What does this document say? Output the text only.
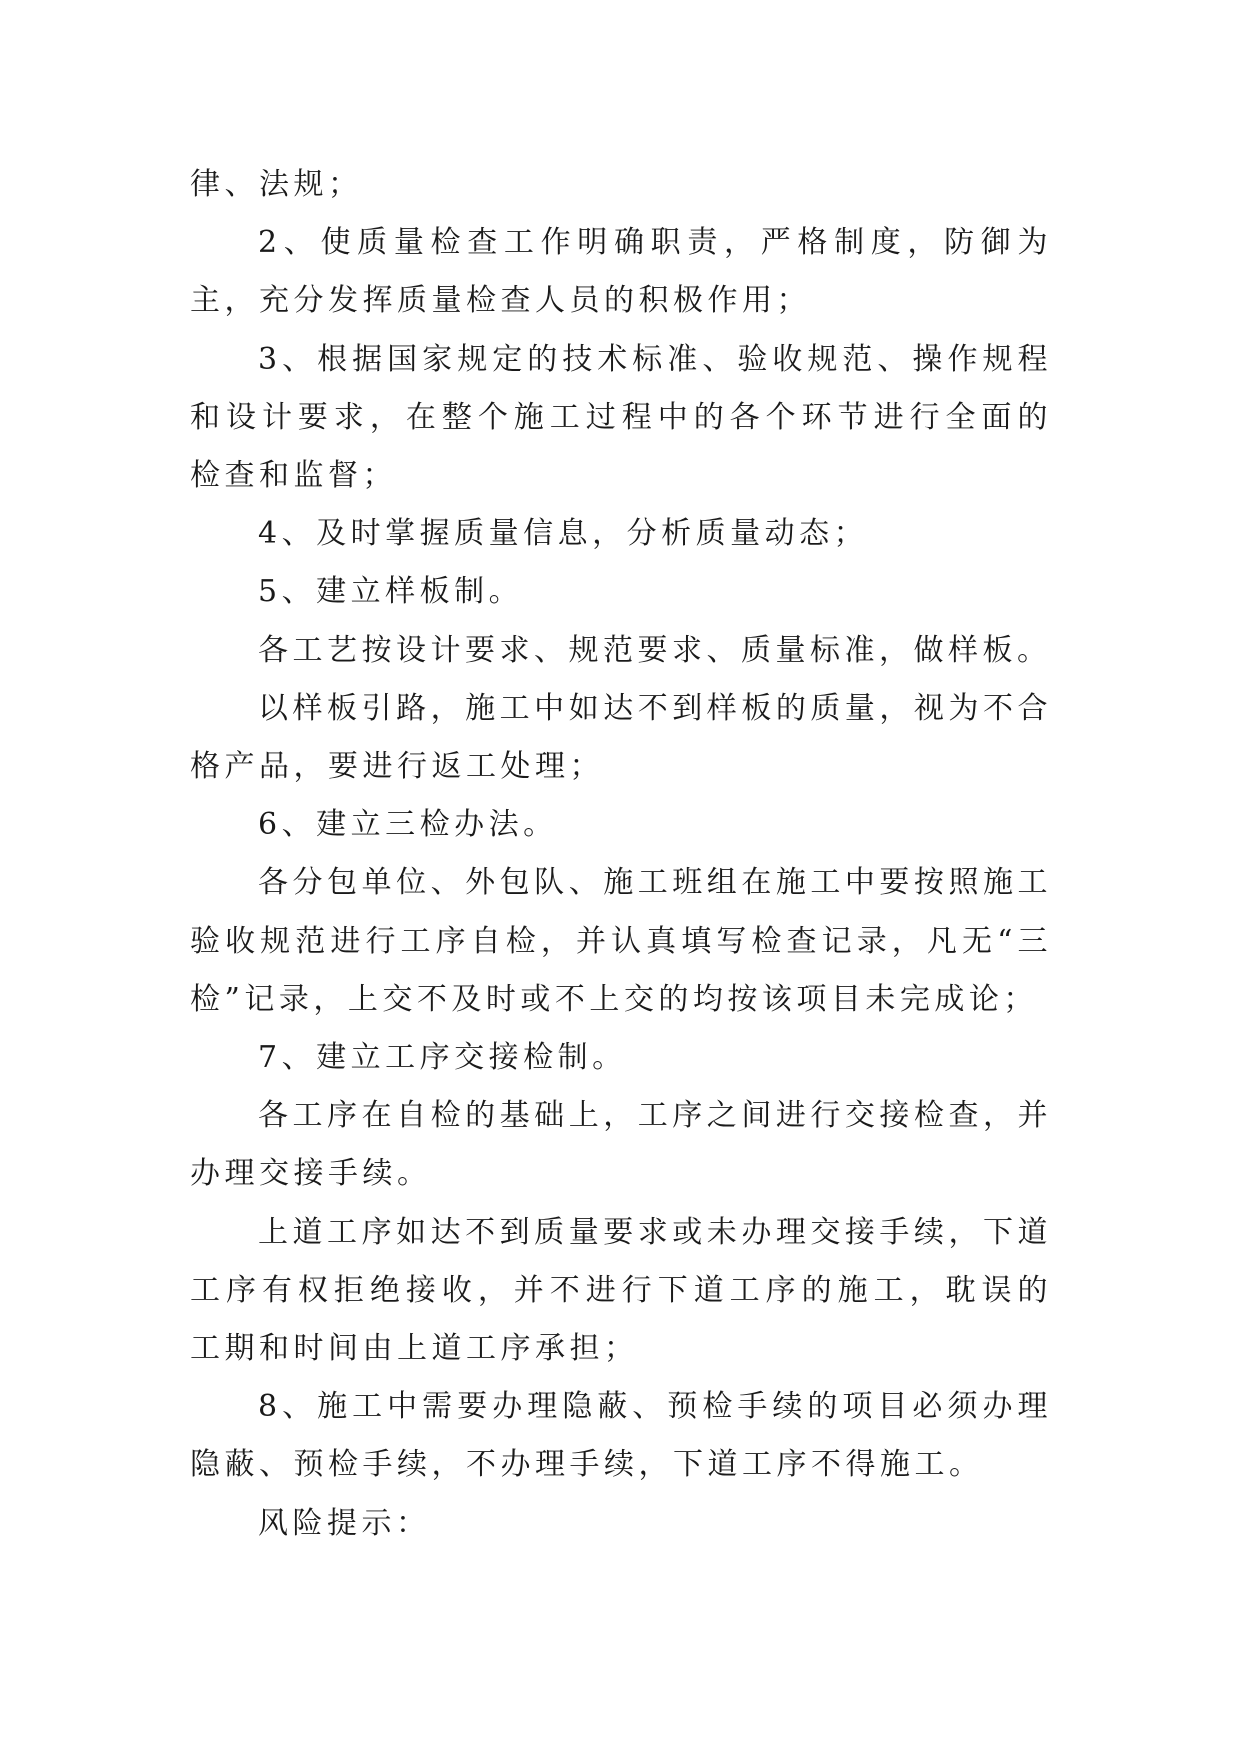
律、法规；

2、使质量检查工作明确职责，严格制度，防御为主，充分发挥质量检查人员的积极作用；

3、根据国家规定的技术标准、验收规范、操作规程和设计要求，在整个施工过程中的各个环节进行全面的检查和监督；

4、及时掌握质量信息，分析质量动态；

5、建立样板制。

各工艺按设计要求、规范要求、质量标准，做样板。

以样板引路，施工中如达不到样板的质量，视为不合格产品，要进行返工处理；

6、建立三检办法。

各分包单位、外包队、施工班组在施工中要按照施工验收规范进行工序自检，并认真填写检查记录，凡无“三检”记录，上交不及时或不上交的均按该项目未完成论；

7、建立工序交接检制。

各工序在自检的基础上，工序之间进行交接检查，并办理交接手续。

上道工序如达不到质量要求或未办理交接手续，下道工序有权拒绝接收，并不进行下道工序的施工，耽误的工期和时间由上道工序承担；

8、施工中需要办理隐蔽、预检手续的项目必须办理隐蔽、预检手续，不办理手续，下道工序不得施工。

风险提示：
